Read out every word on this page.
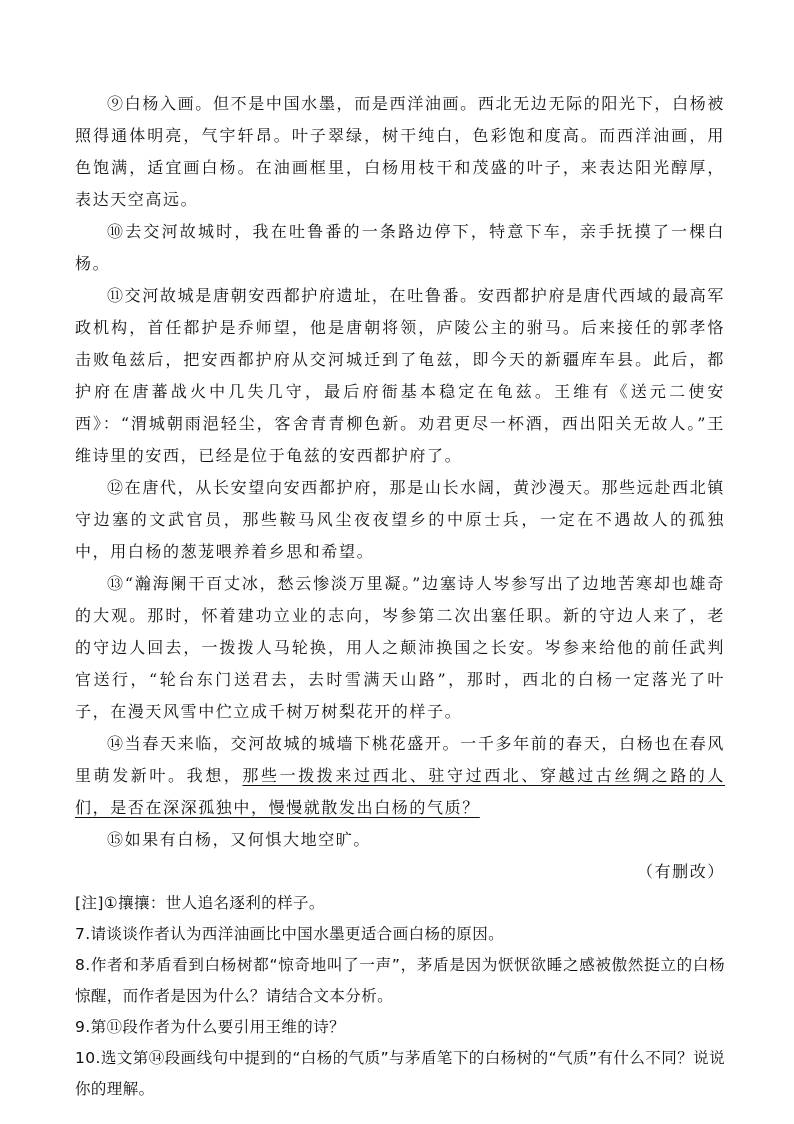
⑨白杨入画。但不是中国水墨，而是西洋油画。西北无边无际的阳光下，白杨被照得通体明亮，气宇轩昂。叶子翠绿，树干纯白，色彩饱和度高。而西洋油画，用色饱满，适宜画白杨。在油画框里，白杨用枝干和茂盛的叶子，来表达阳光醇厚，表达天空高远。

⑩去交河故城时，我在吐鲁番的一条路边停下，特意下车，亲手抚摸了一棵白杨。

⑪交河故城是唐朝安西都护府遗址，在吐鲁番。安西都护府是唐代西域的最高军政机构，首任都护是乔师望，他是唐朝将领，庐陵公主的驸马。后来接任的郭孝恪击败龟兹后，把安西都护府从交河城迁到了龟兹，即今天的新疆库车县。此后，都护府在唐蕃战火中几失几守，最后府衙基本稳定在龟兹。王维有《送元二使安西》：“渭城朝雨浥轻尘，客舍青青柳色新。劝君更尽一杯酒，西出阳关无故人。”王维诗里的安西，已经是位于龟兹的安西都护府了。

⑫在唐代，从长安望向安西都护府，那是山长水阔，黄沙漫天。那些远赴西北镇守边塞的文武官员，那些鞍马风尘夜夜望乡的中原士兵，一定在不遇故人的孤独中，用白杨的葱茏喂养着乡思和希望。

⑬“瀚海阑干百丈冰，愁云惨淡万里凝。”边塞诗人岑参写出了边地苦寒却也雄奇的大观。那时，怀着建功立业的志向，岑参第二次出塞任职。新的守边人来了，老的守边人回去，一拨拨人马轮换，用人之颠沛换国之长安。岑参来给他的前任武判官送行，“轮台东门送君去，去时雪满天山路”，那时，西北的白杨一定落光了叶子，在漫天风雪中伫立成千树万树梨花开的样子。

⑭当春天来临，交河故城的城墙下桃花盛开。一千多年前的春天，白杨也在春风里萌发新叶。我想，那些一拨拨来过西北、驻守过西北、穿越过古丝绸之路的人们，是否在深深孤独中，慢慢就散发出白杨的气质？

⑮如果有白杨，又何惧大地空旷。

（有删改）

[注]①攘攘：世人追名逐利的样子。

7.请谈谈作者认为西洋油画比中国水墨更适合画白杨的原因。

8.作者和茅盾看到白杨树都“惊奇地叫了一声”，茅盾是因为恹恹欲睡之感被傲然挺立的白杨惊醒，而作者是因为什么？请结合文本分析。

9.第⑪段作者为什么要引用王维的诗？

10.选文第⑭段画线句中提到的“白杨的气质”与茅盾笔下的白杨树的“气质”有什么不同？说说你的理解。
